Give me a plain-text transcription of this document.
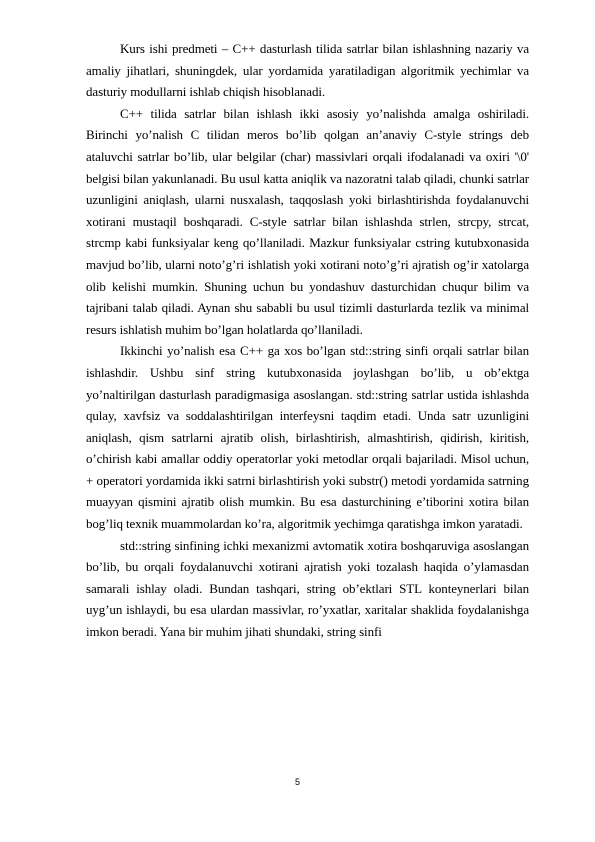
Kurs ishi predmeti – C++ dasturlash tilida satrlar bilan ishlashning nazariy va amaliy jihatlari, shuningdek, ular yordamida yaratiladigan algoritmik yechimlar va dasturiy modullarni ishlab chiqish hisoblanadi.

C++ tilida satrlar bilan ishlash ikki asosiy yo’nalishda amalga oshiriladi. Birinchi yo’nalish C tilidan meros bo’lib qolgan an’anaviy C-style strings deb ataluvchi satrlar bo’lib, ular belgilar (char) massivlari orqali ifodalanadi va oxiri '\0' belgisi bilan yakunlanadi. Bu usul katta aniqlik va nazoratni talab qiladi, chunki satrlar uzunligini aniqlash, ularni nusxalash, taqqoslash yoki birlashtirishda foydalanuvchi xotirani mustaqil boshqaradi. C-style satrlar bilan ishlashda strlen, strcpy, strcat, strcmp kabi funksiyalar keng qo’llaniladi. Mazkur funksiyalar cstring kutubxonasida mavjud bo’lib, ularni noto’g’ri ishlatish yoki xotirani noto’g’ri ajratish og’ir xatolarga olib kelishi mumkin. Shuning uchun bu yondashuv dasturchidan chuqur bilim va tajribani talab qiladi. Aynan shu sababli bu usul tizimli dasturlarda tezlik va minimal resurs ishlatish muhim bo’lgan holatlarda qo’llaniladi.

Ikkinchi yo’nalish esa C++ ga xos bo’lgan std::string sinfi orqali satrlar bilan ishlashdir. Ushbu sinf string kutubxonasida joylashgan bo’lib, u ob’ektga yo’naltirilgan dasturlash paradigmasiga asoslangan. std::string satrlar ustida ishlashda qulay, xavfsiz va soddalashtirilgan interfeysni taqdim etadi. Unda satr uzunligini aniqlash, qism satrlarni ajratib olish, birlashtirish, almashtirish, qidirish, kiritish, o’chirish kabi amallar oddiy operatorlar yoki metodlar orqali bajariladi. Misol uchun, + operatori yordamida ikki satrni birlashtirish yoki substr() metodi yordamida satrning muayyan qismini ajratib olish mumkin. Bu esa dasturchining e’tiborini xotira bilan bog’liq texnik muammolardan ko’ra, algoritmik yechimga qaratishga imkon yaratadi.

std::string sinfining ichki mexanizmi avtomatik xotira boshqaruviga asoslangan bo’lib, bu orqali foydalanuvchi xotirani ajratish yoki tozalash haqida o’ylamasdan samarali ishlay oladi. Bundan tashqari, string ob’ektlari STL konteynerlari bilan uyg’un ishlaydi, bu esa ulardan massivlar, ro’yxatlar, xaritalar shaklida foydalanishga imkon beradi. Yana bir muhim jihati shundaki, string sinfi

5
